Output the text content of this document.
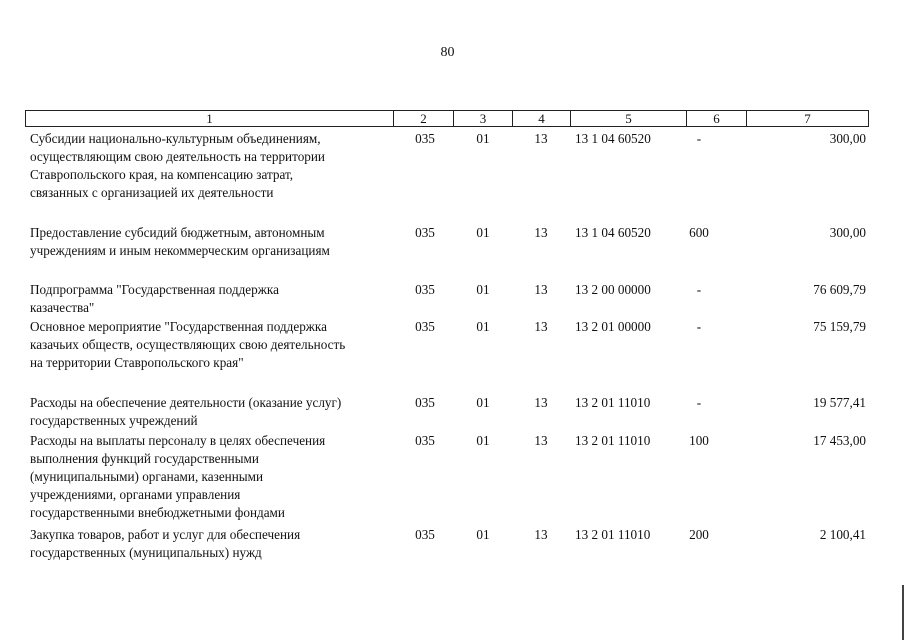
80
1	2	3	4	5	6	7
Субсидии национально-культурным объединениям,
осуществляющим свою деятельность на территории
Ставропольского края, на компенсацию затрат,
связанных с организацией их деятельности
035	01	13	13 1 04 60520	-	300,00
Предоставление субсидий бюджетным, автономным
учреждениям и иным некоммерческим организациям
035	01	13	13 1 04 60520	600	300,00
Подпрограмма "Государственная поддержка
казачества"
035	01	13	13 2 00 00000	-	76 609,79
Основное мероприятие "Государственная поддержка
казачьих обществ, осуществляющих свою деятельность
на территории Ставропольского края"
035	01	13	13 2 01 00000	-	75 159,79
Расходы на обеспечение деятельности (оказание услуг)
государственных учреждений
035	01	13	13 2 01 11010	-	19 577,41
Расходы на выплаты персоналу в целях обеспечения
выполнения функций государственными
(муниципальными) органами, казенными
учреждениями, органами управления
государственными внебюджетными фондами
035	01	13	13 2 01 11010	100	17 453,00
Закупка товаров, работ и услуг для обеспечения
государственных (муниципальных) нужд
035	01	13	13 2 01 11010	200	2 100,41
